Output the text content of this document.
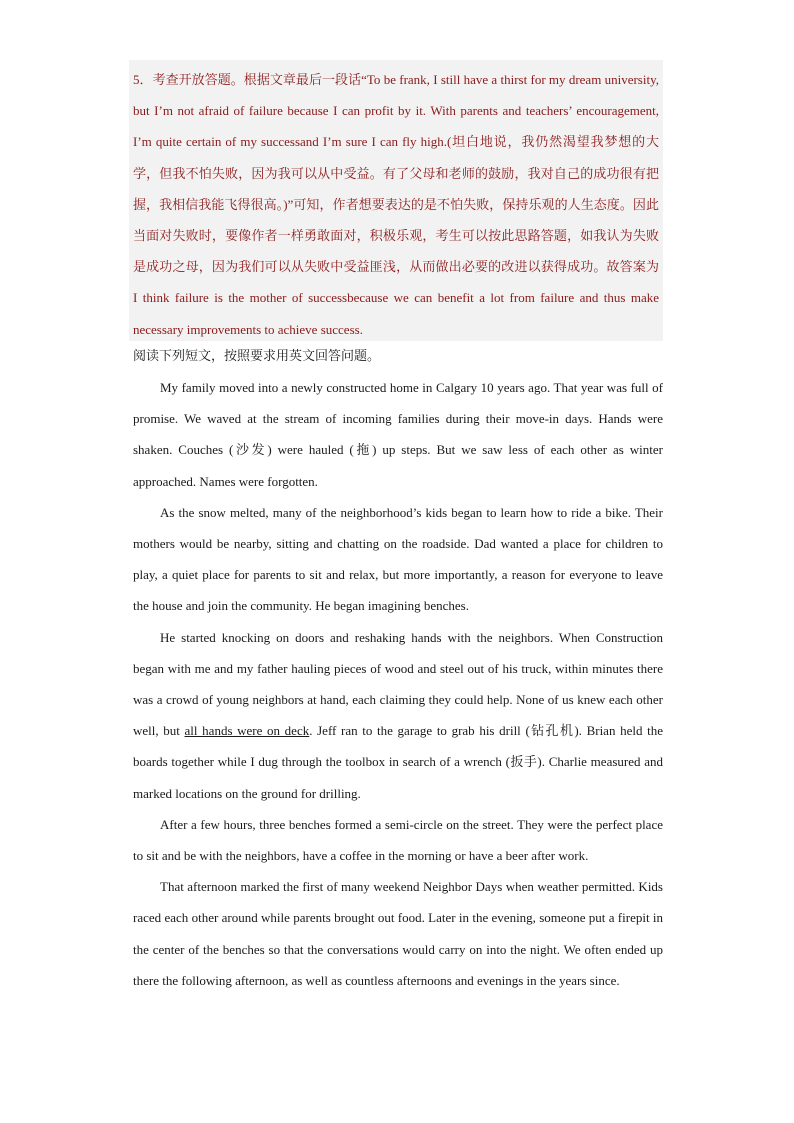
5．考查开放答题。根据文章最后一段话“To be frank, I still have a thirst for my dream university, but I’m not afraid of failure because I can profit by it. With parents and teachers’ encouragement, I’m quite certain of my successand I’m sure I can fly high.(坦白地说，我仍然渴望我梦想的大学，但我不怕失败，因为我可以从中受益。有了父母和老师的鼓励，我对自己的成功很有把握，我相信我能飞得很高。)”可知，作者想要表达的是不怕失败，保持乐观的人生态度。因此当面对失败时，要像作者一样勇敢面对，积极乐观，考生可以按此思路答题，如我认为失败是成功之母，因为我们可以从失败中受益匪浅，从而做出必要的改进以获得成功。故答案为 I think failure is the mother of successbecause we can benefit a lot from failure and thus make necessary improvements to achieve success.

阅读下列短文，按照要求用英文回答问题。

My family moved into a newly constructed home in Calgary 10 years ago. That year was full of promise. We waved at the stream of incoming families during their move-in days. Hands were shaken. Couches (沙发) were hauled (拖) up steps. But we saw less of each other as winter approached. Names were forgotten.

As the snow melted, many of the neighborhood’s kids began to learn how to ride a bike. Their mothers would be nearby, sitting and chatting on the roadside. Dad wanted a place for children to play, a quiet place for parents to sit and relax, but more importantly, a reason for everyone to leave the house and join the community. He began imagining benches.

He started knocking on doors and reshaking hands with the neighbors. When Construction began with me and my father hauling pieces of wood and steel out of his truck, within minutes there was a crowd of young neighbors at hand, each claiming they could help. None of us knew each other well, but all hands were on deck. Jeff ran to the garage to grab his drill (钻孔机). Brian held the boards together while I dug through the toolbox in search of a wrench (扳手). Charlie measured and marked locations on the ground for drilling.

After a few hours, three benches formed a semi-circle on the street. They were the perfect place to sit and be with the neighbors, have a coffee in the morning or have a beer after work.

That afternoon marked the first of many weekend Neighbor Days when weather permitted. Kids raced each other around while parents brought out food. Later in the evening, someone put a firepit in the center of the benches so that the conversations would carry on into the night. We often ended up there the following afternoon, as well as countless afternoons and evenings in the years since.
